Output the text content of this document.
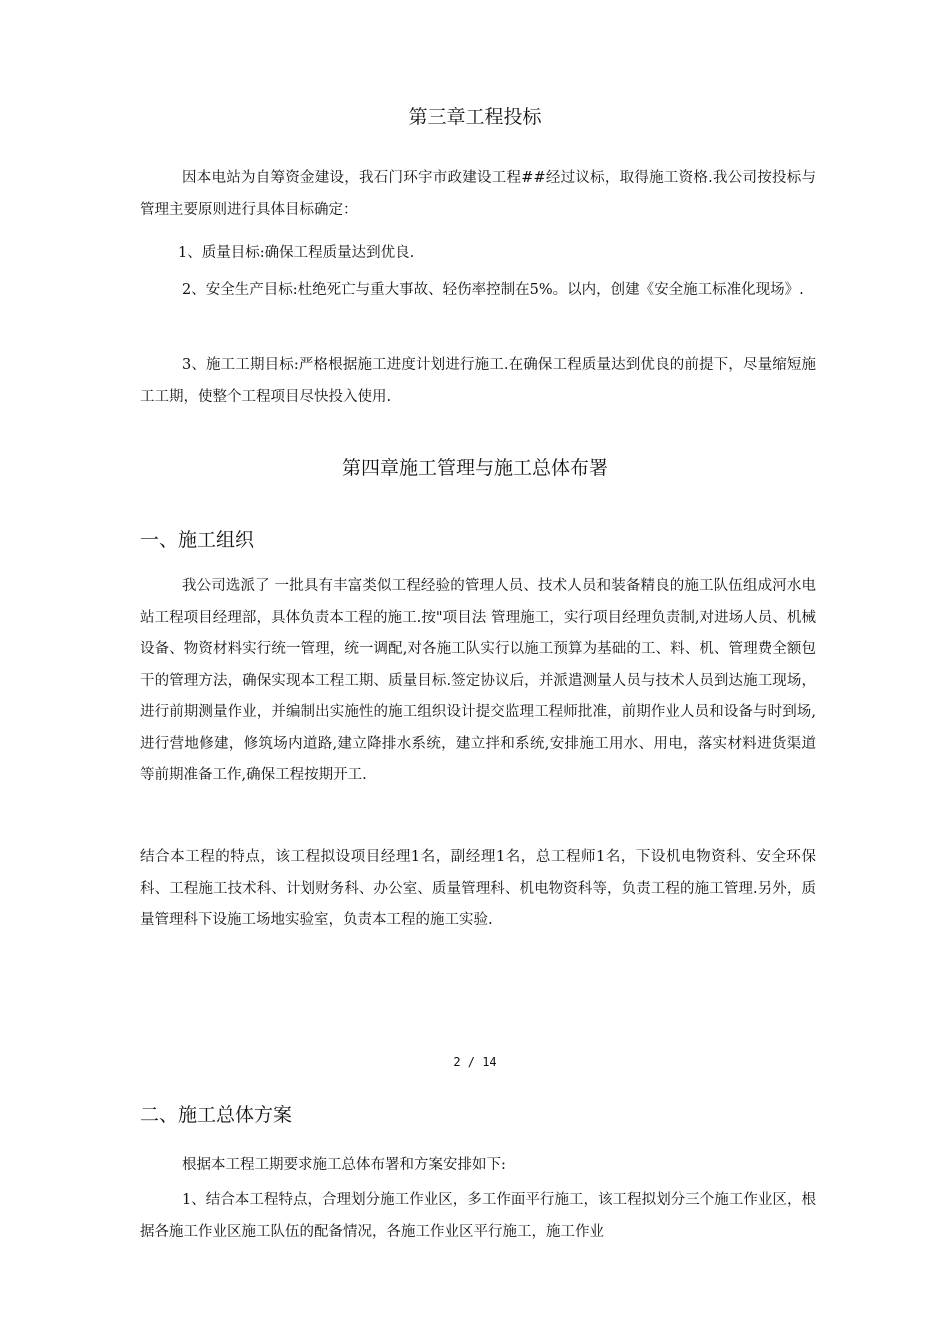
第三章工程投标
因本电站为自筹资金建设，我石门环宇市政建设工程##经过议标，取得施工资格.我公司按投标与管理主要原则进行具体目标确定：
1、质量目标:确保工程质量达到优良.
2、安全生产目标:杜绝死亡与重大事故、轻伤率控制在5%。以内，创建《安全施工标准化现场》.
3、施工工期目标:严格根据施工进度计划进行施工.在确保工程质量达到优良的前提下，尽量缩短施工工期，使整个工程项目尽快投入使用.
第四章施工管理与施工总体布署
一、施工组织
我公司选派了 一批具有丰富类似工程经验的管理人员、技术人员和装备精良的施工队伍组成河水电站工程项目经理部，具体负责本工程的施工.按"项目法 管理施工，实行项目经理负责制,对进场人员、机械设备、物资材料实行统一管理，统一调配,对各施工队实行以施工预算为基础的工、料、机、管理费全额包干的管理方法，确保实现本工程工期、质量目标.签定协议后，并派遣测量人员与技术人员到达施工现场，进行前期测量作业，并编制出实施性的施工组织设计提交监理工程师批准，前期作业人员和设备与时到场,进行营地修建，修筑场内道路,建立降排水系统，建立拌和系统,安排施工用水、用电，落实材料进货渠道等前期准备工作,确保工程按期开工.
结合本工程的特点，该工程拟设项目经理1名，副经理1名，总工程师1名，下设机电物资科、安全环保科、工程施工技术科、计划财务科、办公室、质量管理科、机电物资科等，负责工程的施工管理.另外，质量管理科下设施工场地实验室，负责本工程的施工实验.
2 / 14
二、施工总体方案
根据本工程工期要求施工总体布署和方案安排如下:
1、结合本工程特点，合理划分施工作业区，多工作面平行施工，该工程拟划分三个施工作业区，根据各施工作业区施工队伍的配备情况，各施工作业区平行施工，施工作业
